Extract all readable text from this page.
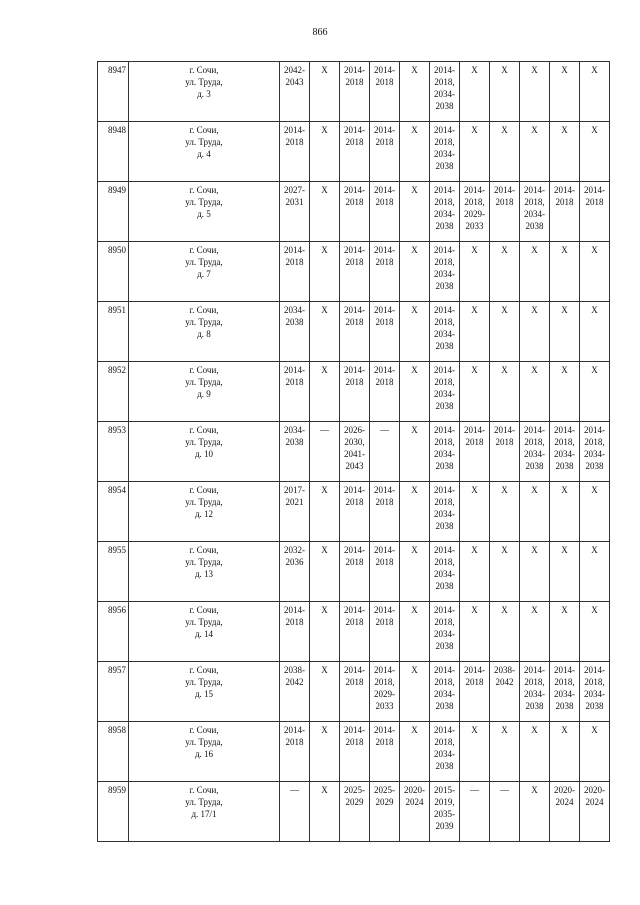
866
8947	г. Сочи,
ул. Труда,
д. 3	2042-
2043	X	2014-
2018	2014-
2018	X	2014-
2018,
2034-
2038	X	X	X	X	X
8948	г. Сочи,
ул. Труда,
д. 4	2014-
2018	X	2014-
2018	2014-
2018	X	2014-
2018,
2034-
2038	X	X	X	X	X
8949	г. Сочи,
ул. Труда,
д. 5	2027-
2031	X	2014-
2018	2014-
2018	X	2014-
2018,
2034-
2038	2014-
2018,
2029-
2033	2014-
2018	2014-
2018,
2034-
2038	2014-
2018	2014-
2018
8950	г. Сочи,
ул. Труда,
д. 7	2014-
2018	X	2014-
2018	2014-
2018	X	2014-
2018,
2034-
2038	X	X	X	X	X
8951	г. Сочи,
ул. Труда,
д. 8	2034-
2038	X	2014-
2018	2014-
2018	X	2014-
2018,
2034-
2038	X	X	X	X	X
8952	г. Сочи,
ул. Труда,
д. 9	2014-
2018	X	2014-
2018	2014-
2018	X	2014-
2018,
2034-
2038	X	X	X	X	X
8953	г. Сочи,
ул. Труда,
д. 10	2034-
2038	—	2026-
2030,
2041-
2043	—	X	2014-
2018,
2034-
2038	2014-
2018	2014-
2018	2014-
2018,
2034-
2038	2014-
2018,
2034-
2038	2014-
2018,
2034-
2038
8954	г. Сочи,
ул. Труда,
д. 12	2017-
2021	X	2014-
2018	2014-
2018	X	2014-
2018,
2034-
2038	X	X	X	X	X
8955	г. Сочи,
ул. Труда,
д. 13	2032-
2036	X	2014-
2018	2014-
2018	X	2014-
2018,
2034-
2038	X	X	X	X	X
8956	г. Сочи,
ул. Труда,
д. 14	2014-
2018	X	2014-
2018	2014-
2018	X	2014-
2018,
2034-
2038	X	X	X	X	X
8957	г. Сочи,
ул. Труда,
д. 15	2038-
2042	X	2014-
2018	2014-
2018,
2029-
2033	X	2014-
2018,
2034-
2038	2014-
2018	2038-
2042	2014-
2018,
2034-
2038	2014-
2018,
2034-
2038	2014-
2018,
2034-
2038
8958	г. Сочи,
ул. Труда,
д. 16	2014-
2018	X	2014-
2018	2014-
2018	X	2014-
2018,
2034-
2038	X	X	X	X	X
8959	г. Сочи,
ул. Труда,
д. 17/1	—	X	2025-
2029	2025-
2029	2020-
2024	2015-
2019,
2035-
2039	—	—	X	2020-
2024	2020-
2024
